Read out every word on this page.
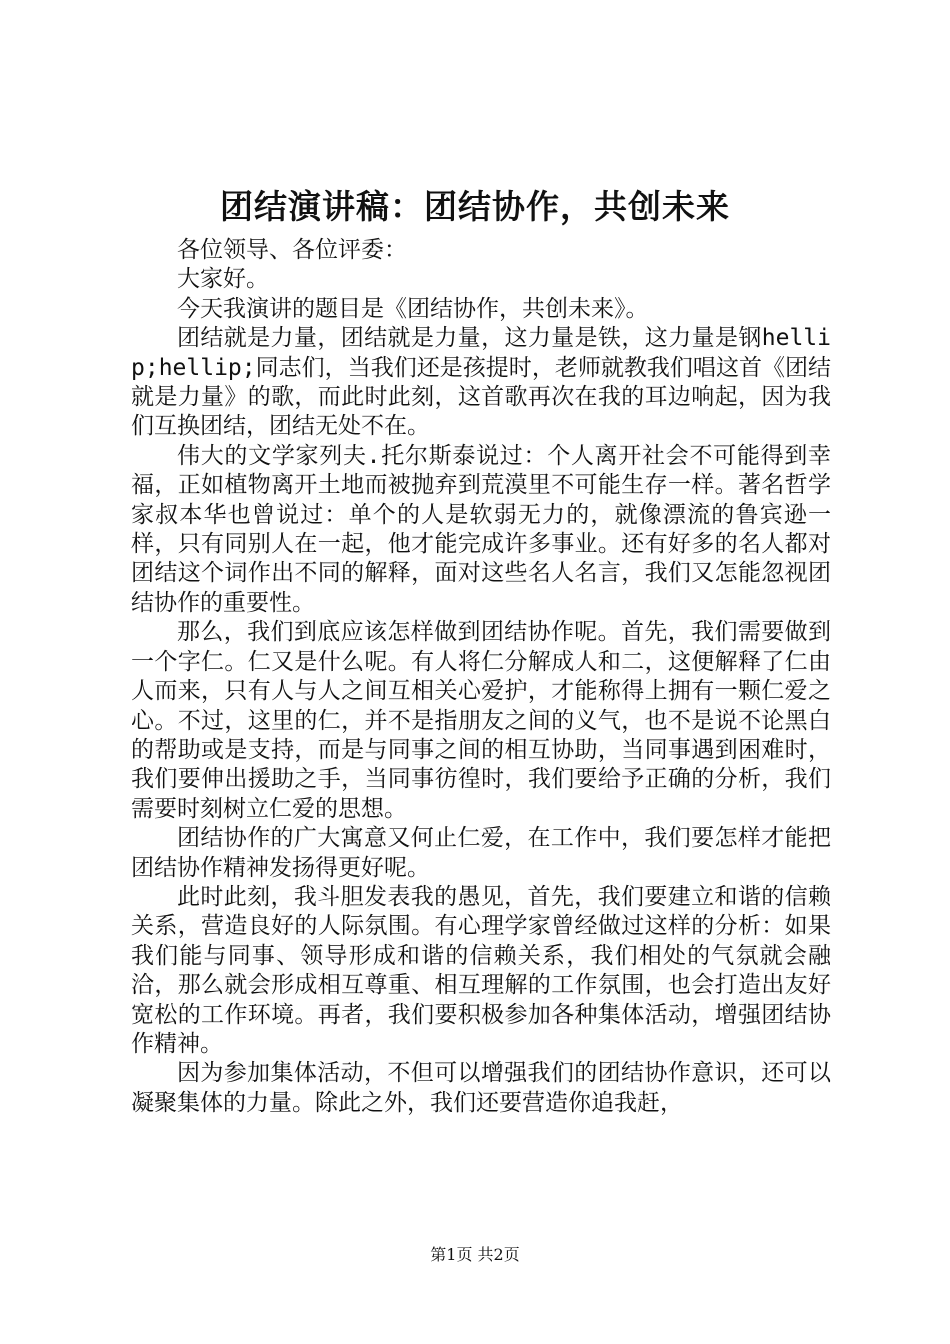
团结演讲稿：团结协作，共创未来

各位领导、各位评委：

大家好。

今天我演讲的题目是《团结协作，共创未来》。

团结就是力量，团结就是力量，这力量是铁，这力量是钢hellip;hellip;同志们，当我们还是孩提时，老师就教我们唱这首《团结就是力量》的歌，而此时此刻，这首歌再次在我的耳边响起，因为我们互换团结，团结无处不在。

伟大的文学家列夫.托尔斯泰说过：个人离开社会不可能得到幸福，正如植物离开土地而被抛弃到荒漠里不可能生存一样。著名哲学家叔本华也曾说过：单个的人是软弱无力的，就像漂流的鲁宾逊一样，只有同别人在一起，他才能完成许多事业。还有好多的名人都对团结这个词作出不同的解释，面对这些名人名言，我们又怎能忽视团结协作的重要性。

那么，我们到底应该怎样做到团结协作呢。首先，我们需要做到一个字仁。仁又是什么呢。有人将仁分解成人和二，这便解释了仁由人而来，只有人与人之间互相关心爱护，才能称得上拥有一颗仁爱之心。不过，这里的仁，并不是指朋友之间的义气，也不是说不论黑白的帮助或是支持，而是与同事之间的相互协助，当同事遇到困难时，我们要伸出援助之手，当同事彷徨时，我们要给予正确的分析，我们需要时刻树立仁爱的思想。

团结协作的广大寓意又何止仁爱，在工作中，我们要怎样才能把团结协作精神发扬得更好呢。

此时此刻，我斗胆发表我的愚见，首先，我们要建立和谐的信赖关系，营造良好的人际氛围。有心理学家曾经做过这样的分析：如果我们能与同事、领导形成和谐的信赖关系，我们相处的气氛就会融洽，那么就会形成相互尊重、相互理解的工作氛围，也会打造出友好宽松的工作环境。再者，我们要积极参加各种集体活动，增强团结协作精神。

因为参加集体活动，不但可以增强我们的团结协作意识，还可以凝聚集体的力量。除此之外，我们还要营造你追我赶，

第1页 共2页
